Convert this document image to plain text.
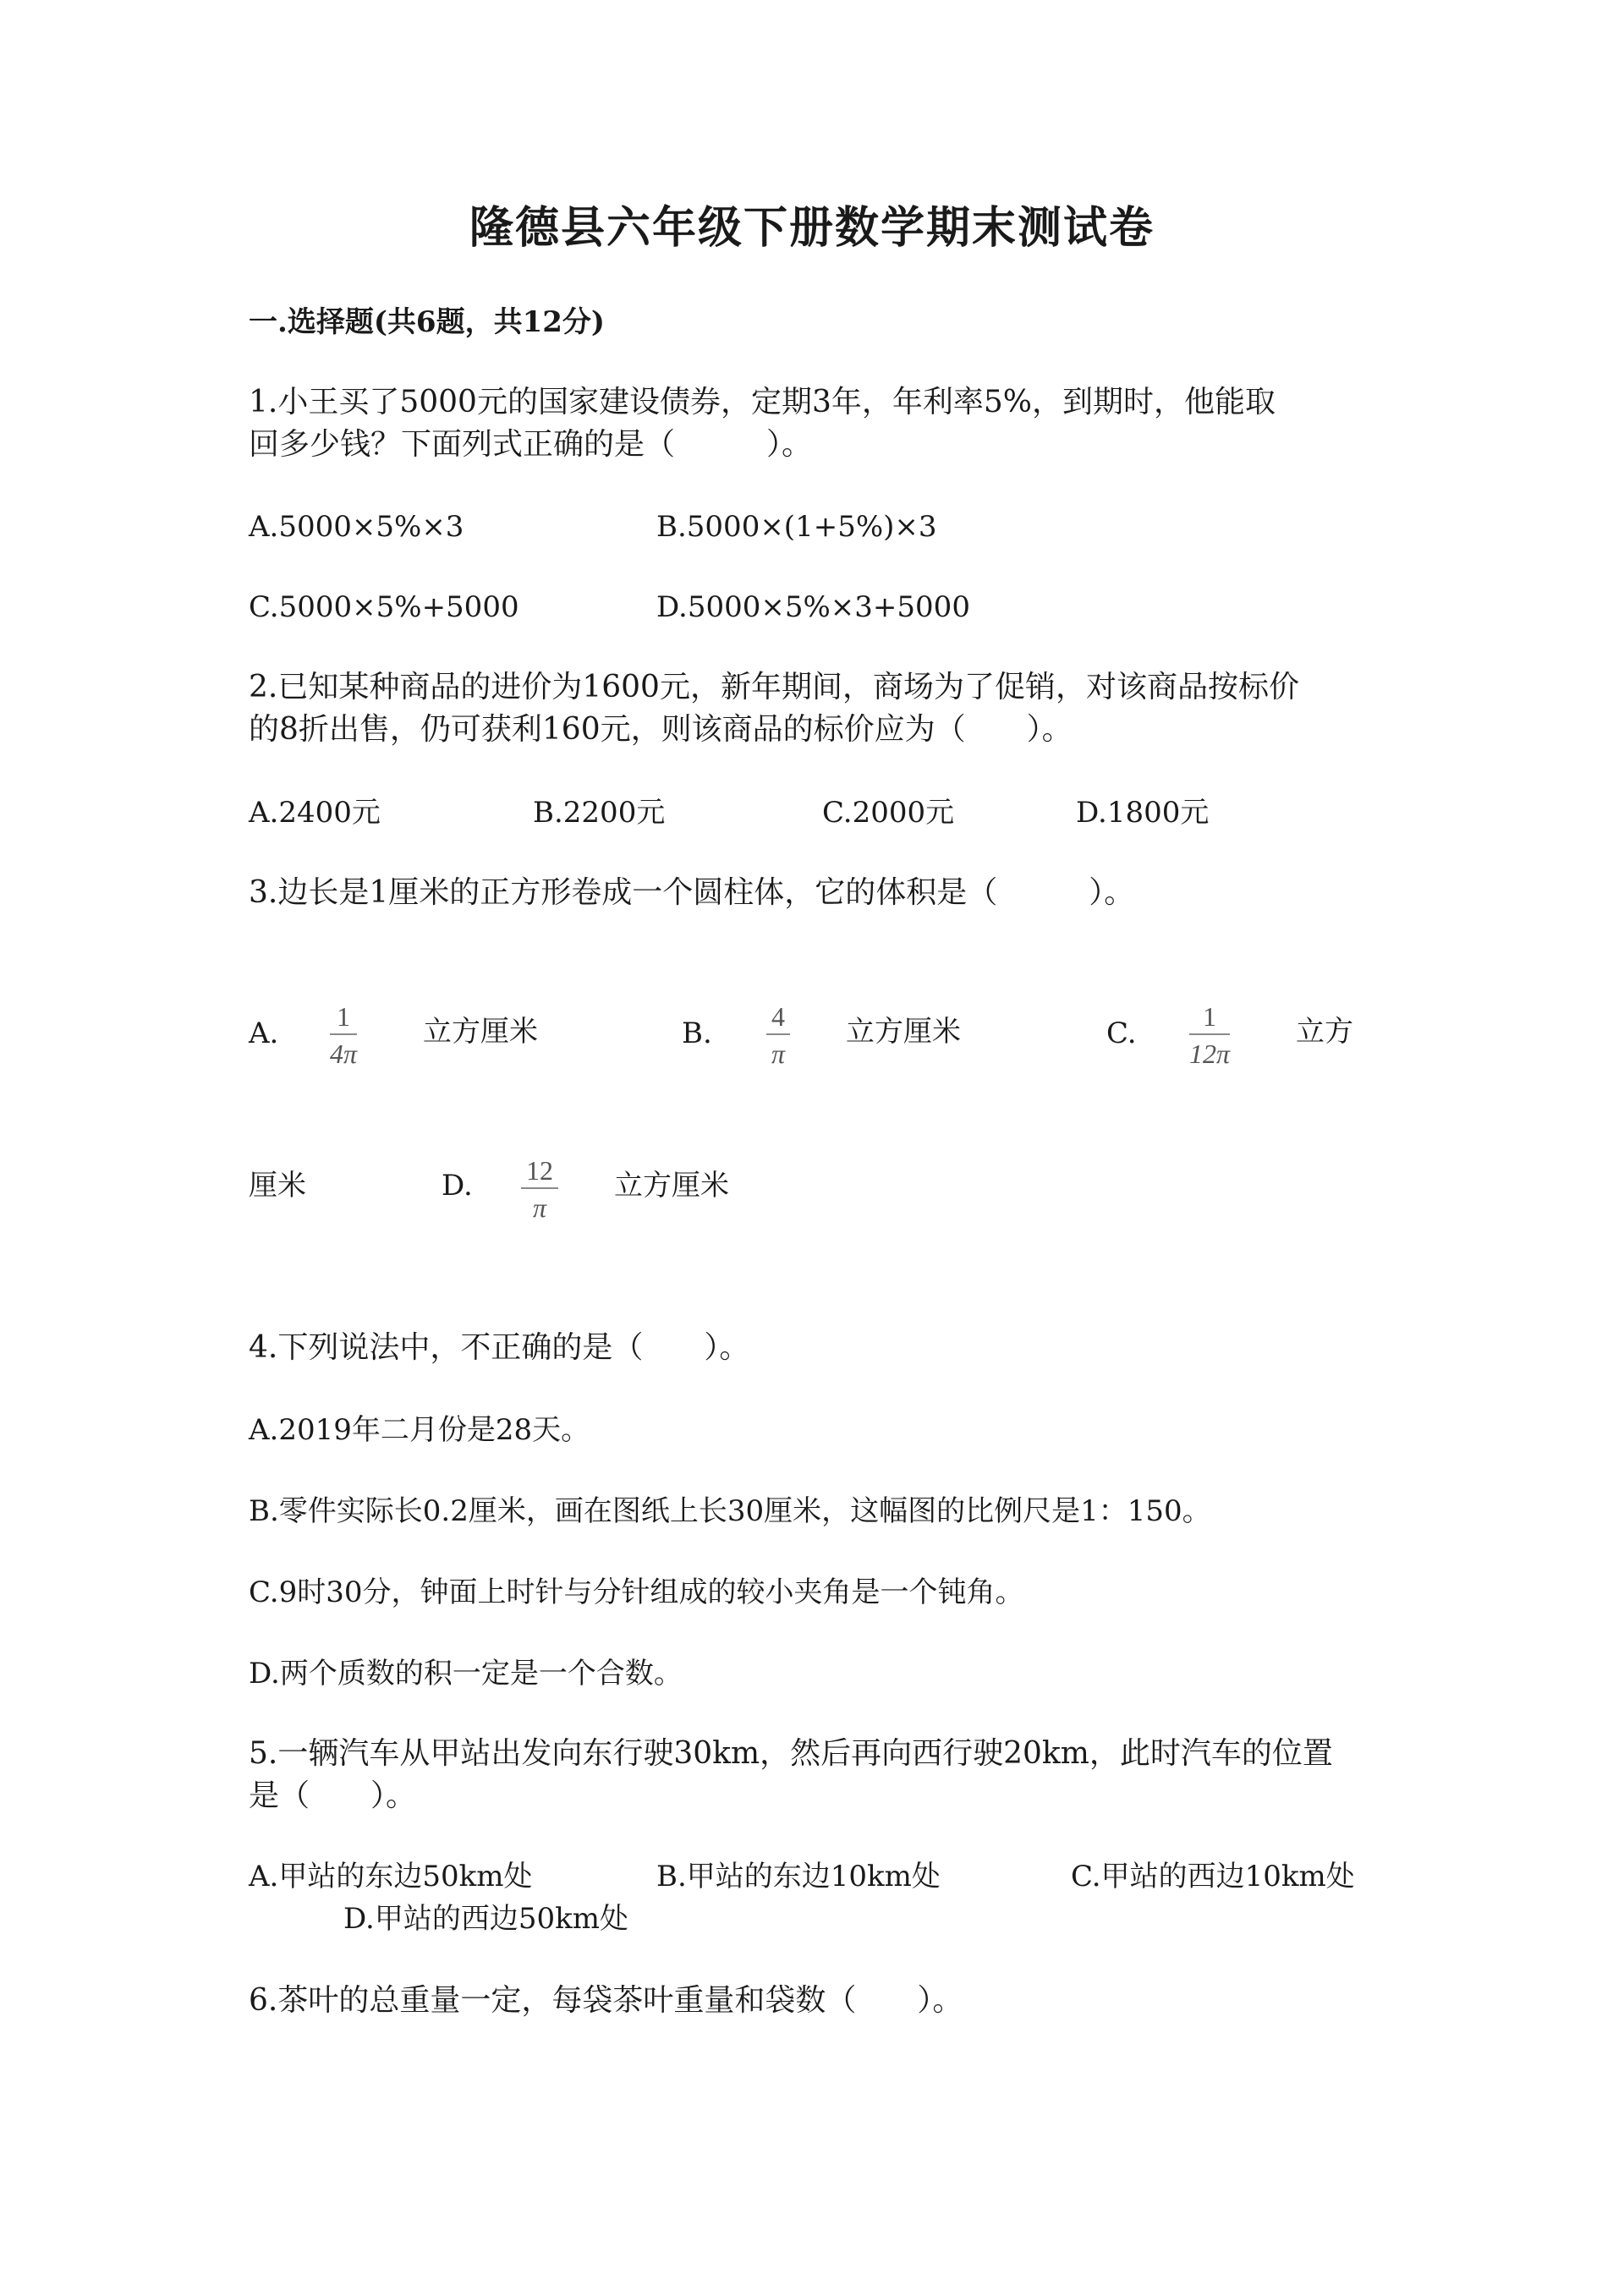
隆德县六年级下册数学期末测试卷
一.选择题(共6题，共12分)
1.小王买了5000元的国家建设债券，定期3年，年利率5%，到期时，他能取
回多少钱？下面列式正确的是（　　　）。
A.5000×5%×3	B.5000×(1+5%)×3
C.5000×5%+5000	D.5000×5%×3+5000
2.已知某种商品的进价为1600元，新年期间，商场为了促销，对该商品按标价
的8折出售，仍可获利160元，则该商品的标价应为（　　）。
A.2400元	B.2200元	C.2000元	D.1800元
3.边长是1厘米的正方形卷成一个圆柱体，它的体积是（　　　）。
A. 1
4π
立方厘米	B. 4
π
立方厘米	C. 1
12π
立方
厘米	D. 12
π
立方厘米
4.下列说法中，不正确的是（　　）。
A.2019年二月份是28天。
B.零件实际长0.2厘米，画在图纸上长30厘米，这幅图的比例尺是1：150。
C.9时30分，钟面上时针与分针组成的较小夹角是一个钝角。
D.两个质数的积一定是一个合数。
5.一辆汽车从甲站出发向东行驶30km，然后再向西行驶20km，此时汽车的位置
是（　　）。
A.甲站的东边50km处	B.甲站的东边10km处	C.甲站的西边10km处
D.甲站的西边50km处
6.茶叶的总重量一定，每袋茶叶重量和袋数（　　）。
